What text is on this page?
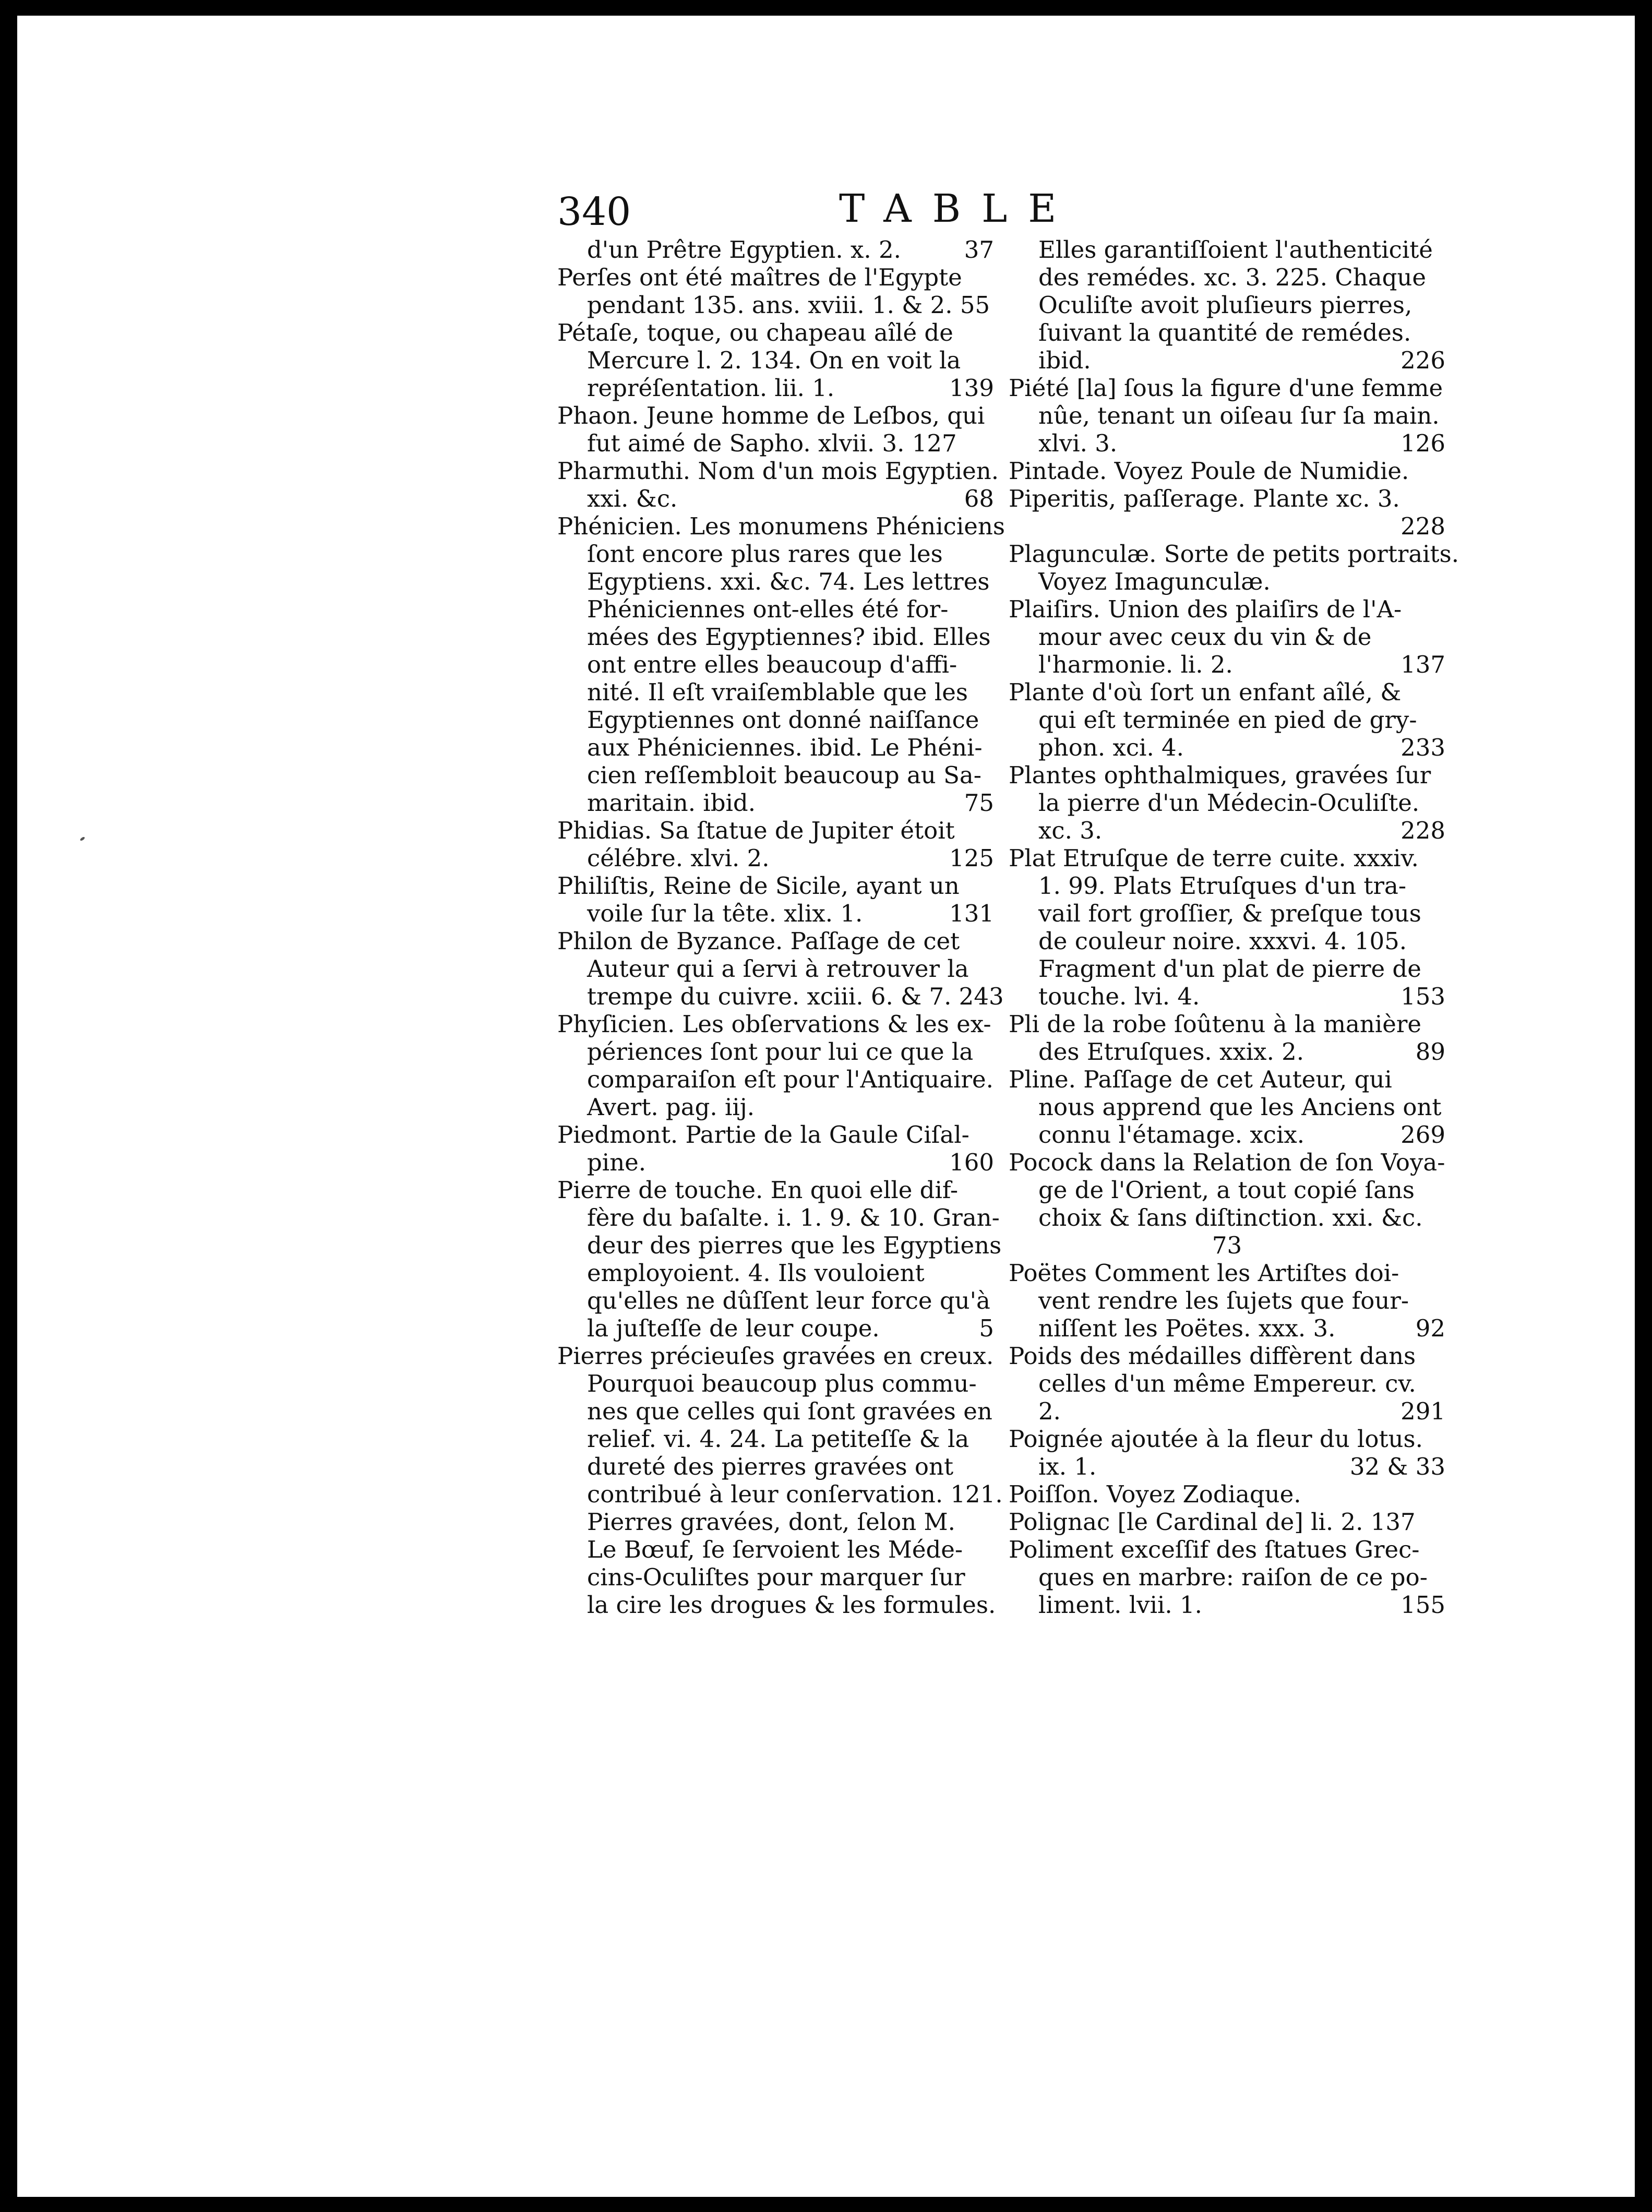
340	TABLE
d'un Prêtre Egyptien. x. 2.	37
Perſes ont été maîtres de l'Egypte
pendant 135. ans. xviii. 1. & 2. 55
Pétaſe, toque, ou chapeau aîlé de
Mercure l. 2. 134. On en voit la
repréſentation. lii. 1.	139
Phaon. Jeune homme de Leſbos, qui
fut aimé de Sapho. xlvii. 3. 127
Pharmuthi. Nom d'un mois Egyptien.
xxi. &c.	68
Phénicien. Les monumens Phéniciens
ſont encore plus rares que les
Egyptiens. xxi. &c. 74. Les lettres
Phéniciennes ont-elles été for-
mées des Egyptiennes? ibid. Elles
ont entre elles beaucoup d'affi-
nité. Il eſt vraiſemblable que les
Egyptiennes ont donné naiſſance
aux Phéniciennes. ibid. Le Phéni-
cien reſſembloit beaucoup au Sa-
maritain. ibid.	75
Phidias. Sa ſtatue de Jupiter étoit
célébre. xlvi. 2.	125
Philiſtis, Reine de Sicile, ayant un
voile ſur la tête. xlix. 1.	131
Philon de Byzance. Paſſage de cet
Auteur qui a ſervi à retrouver la
trempe du cuivre. xciii. 6. & 7. 243
Phyſicien. Les obſervations & les ex-
périences ſont pour lui ce que la
comparaiſon eſt pour l'Antiquaire.
Avert. pag. iij.
Piedmont. Partie de la Gaule Ciſal-
pine.	160
Pierre de touche. En quoi elle dif-
fère du baſalte. i. 1. 9. & 10. Gran-
deur des pierres que les Egyptiens
employoient. 4. Ils vouloient
qu'elles ne dûſſent leur force qu'à
la juſteſſe de leur coupe.	5
Pierres précieuſes gravées en creux.
Pourquoi beaucoup plus commu-
nes que celles qui ſont gravées en
relief. vi. 4. 24. La petiteſſe & la
dureté des pierres gravées ont
contribué à leur conſervation. 121.
Pierres gravées, dont, ſelon M.
Le Bœuf, ſe ſervoient les Méde-
cins-Oculiſtes pour marquer ſur
la cire les drogues & les formules.
Elles garantiſſoient l'authenticité
des remédes. xc. 3. 225. Chaque
Oculiſte avoit pluſieurs pierres,
ſuivant la quantité de remédes.
ibid.	226
Piété [la] ſous la figure d'une femme
nûe, tenant un oiſeau ſur ſa main.
xlvi. 3.	126
Pintade. Voyez Poule de Numidie.
Piperitis, paſſerage. Plante xc. 3.
228
Plagunculæ. Sorte de petits portraits.
Voyez Imagunculæ.
Plaiſirs. Union des plaiſirs de l'A-
mour avec ceux du vin & de
l'harmonie. li. 2.	137
Plante d'où ſort un enfant aîlé, &
qui eſt terminée en pied de gry-
phon. xci. 4.	233
Plantes ophthalmiques, gravées ſur
la pierre d'un Médecin-Oculiſte.
xc. 3.	228
Plat Etruſque de terre cuite. xxxiv.
1. 99. Plats Etruſques d'un tra-
vail fort groſſier, & preſque tous
de couleur noire. xxxvi. 4. 105.
Fragment d'un plat de pierre de
touche. lvi. 4.	153
Pli de la robe ſoûtenu à la manière
des Etruſques. xxix. 2.	89
Pline. Paſſage de cet Auteur, qui
nous apprend que les Anciens ont
connu l'étamage. xcix.	269
Pocock dans la Relation de ſon Voya-
ge de l'Orient, a tout copié ſans
choix & ſans diſtinction. xxi. &c.
73
Poëtes Comment les Artiſtes doi-
vent rendre les ſujets que four-
niſſent les Poëtes. xxx. 3.	92
Poids des médailles diffèrent dans
celles d'un même Empereur. cv.
2.	291
Poignée ajoutée à la fleur du lotus.
ix. 1.	32 & 33
Poiſſon. Voyez Zodiaque.
Polignac [le Cardinal de] li. 2. 137
Poliment exceſſif des ſtatues Grec-
ques en marbre: raiſon de ce po-
liment. lvii. 1.	155
